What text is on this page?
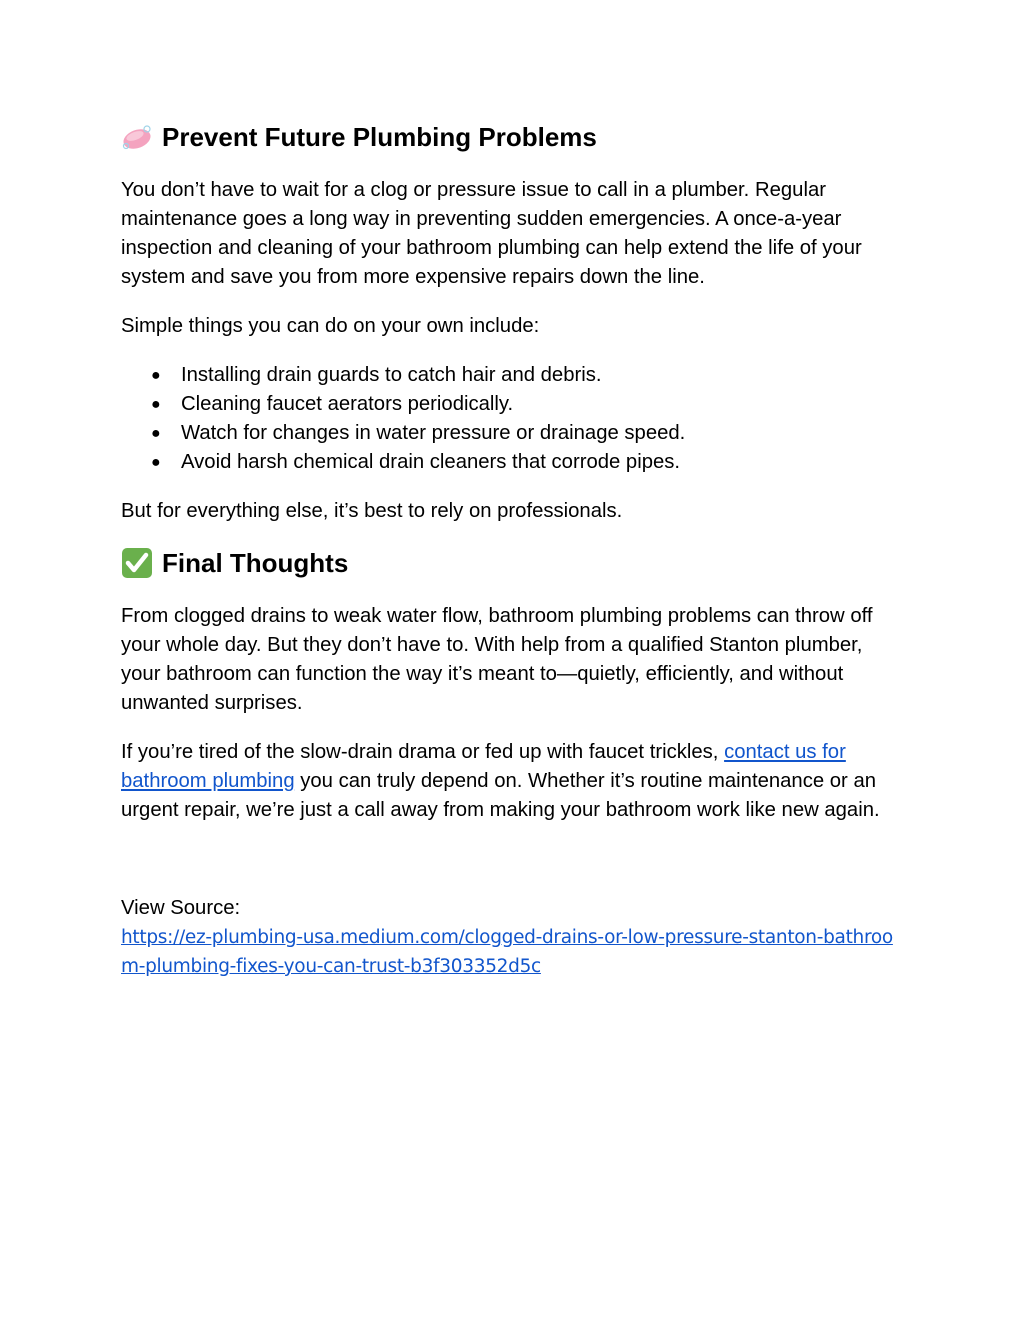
Prevent Future Plumbing Problems

You don’t have to wait for a clog or pressure issue to call in a plumber. Regular maintenance goes a long way in preventing sudden emergencies. A once-a-year inspection and cleaning of your bathroom plumbing can help extend the life of your system and save you from more expensive repairs down the line.

Simple things you can do on your own include:

● Installing drain guards to catch hair and debris.
● Cleaning faucet aerators periodically.
● Watch for changes in water pressure or drainage speed.
● Avoid harsh chemical drain cleaners that corrode pipes.

But for everything else, it’s best to rely on professionals.

Final Thoughts

From clogged drains to weak water flow, bathroom plumbing problems can throw off your whole day. But they don’t have to. With help from a qualified Stanton plumber, your bathroom can function the way it’s meant to—quietly, efficiently, and without unwanted surprises.

If you’re tired of the slow-drain drama or fed up with faucet trickles, contact us for bathroom plumbing you can truly depend on. Whether it’s routine maintenance or an urgent repair, we’re just a call away from making your bathroom work like new again.

View Source:

https://ez-plumbing-usa.medium.com/clogged-drains-or-low-pressure-stanton-bathroom-plumbing-fixes-you-can-trust-b3f303352d5c
